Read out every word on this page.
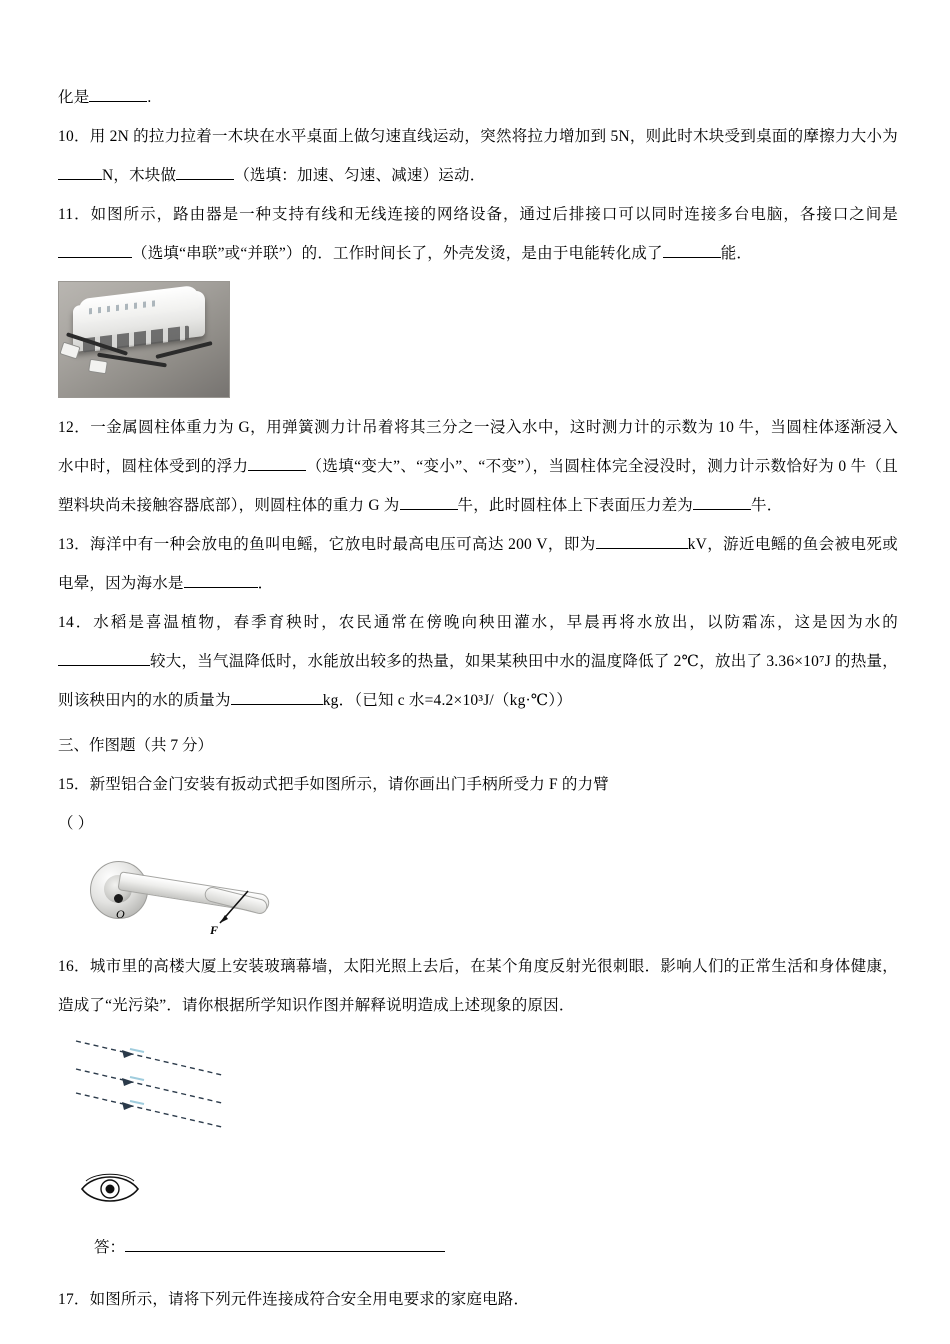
化是	.

10．用 2N 的拉力拉着一木块在水平桌面上做匀速直线运动，突然将拉力增加到 5N，则此时木块受到桌面的摩擦力大小为N，木块做	（选填：加速、匀速、减速）运动．

11．如图所示，路由器是一种支持有线和无线连接的网络设备，通过后排接口可以同时连接多台电脑，各接口之间是（选填“串联”或“并联”）的．工作时间长了，外壳发烫，是由于电能转化成了	能．

12．一金属圆柱体重力为 G，用弹簧测力计吊着将其三分之一浸入水中，这时测力计的示数为 10 牛，当圆柱体逐渐浸入水中时，圆柱体受到的浮力	（选填“变大”、“变小”、“不变”），当圆柱体完全浸没时，测力计示数恰好为 0 牛（且塑料块尚未接触容器底部），则圆柱体的重力 G 为	牛，此时圆柱体上下表面压力差为	牛．

13．海洋中有一种会放电的鱼叫电鳐，它放电时最高电压可高达 200 V，即为	kV，游近电鳐的鱼会被电死或电晕，因为海水是	．

14．水稻是喜温植物，春季育秧时，农民通常在傍晚向秧田灌水，早晨再将水放出，以防霜冻，这是因为水的较大，当气温降低时，水能放出较多的热量，如果某秧田中水的温度降低了 2℃，放出了 3.36×10⁷J 的热量，则该秧田内的水的质量为	kg．（已知 c 水=4.2×10³J/（kg·℃））

三、作图题（共 7 分）

15．新型铝合金门安装有扳动式把手如图所示，请你画出门手柄所受力 F 的力臂

（ ）

O
F

16．城市里的高楼大厦上安装玻璃幕墙，太阳光照上去后，在某个角度反射光很刺眼．影响人们的正常生活和身体健康，造成了“光污染”．请你根据所学知识作图并解释说明造成上述现象的原因．

答：

17．如图所示，请将下列元件连接成符合安全用电要求的家庭电路．
